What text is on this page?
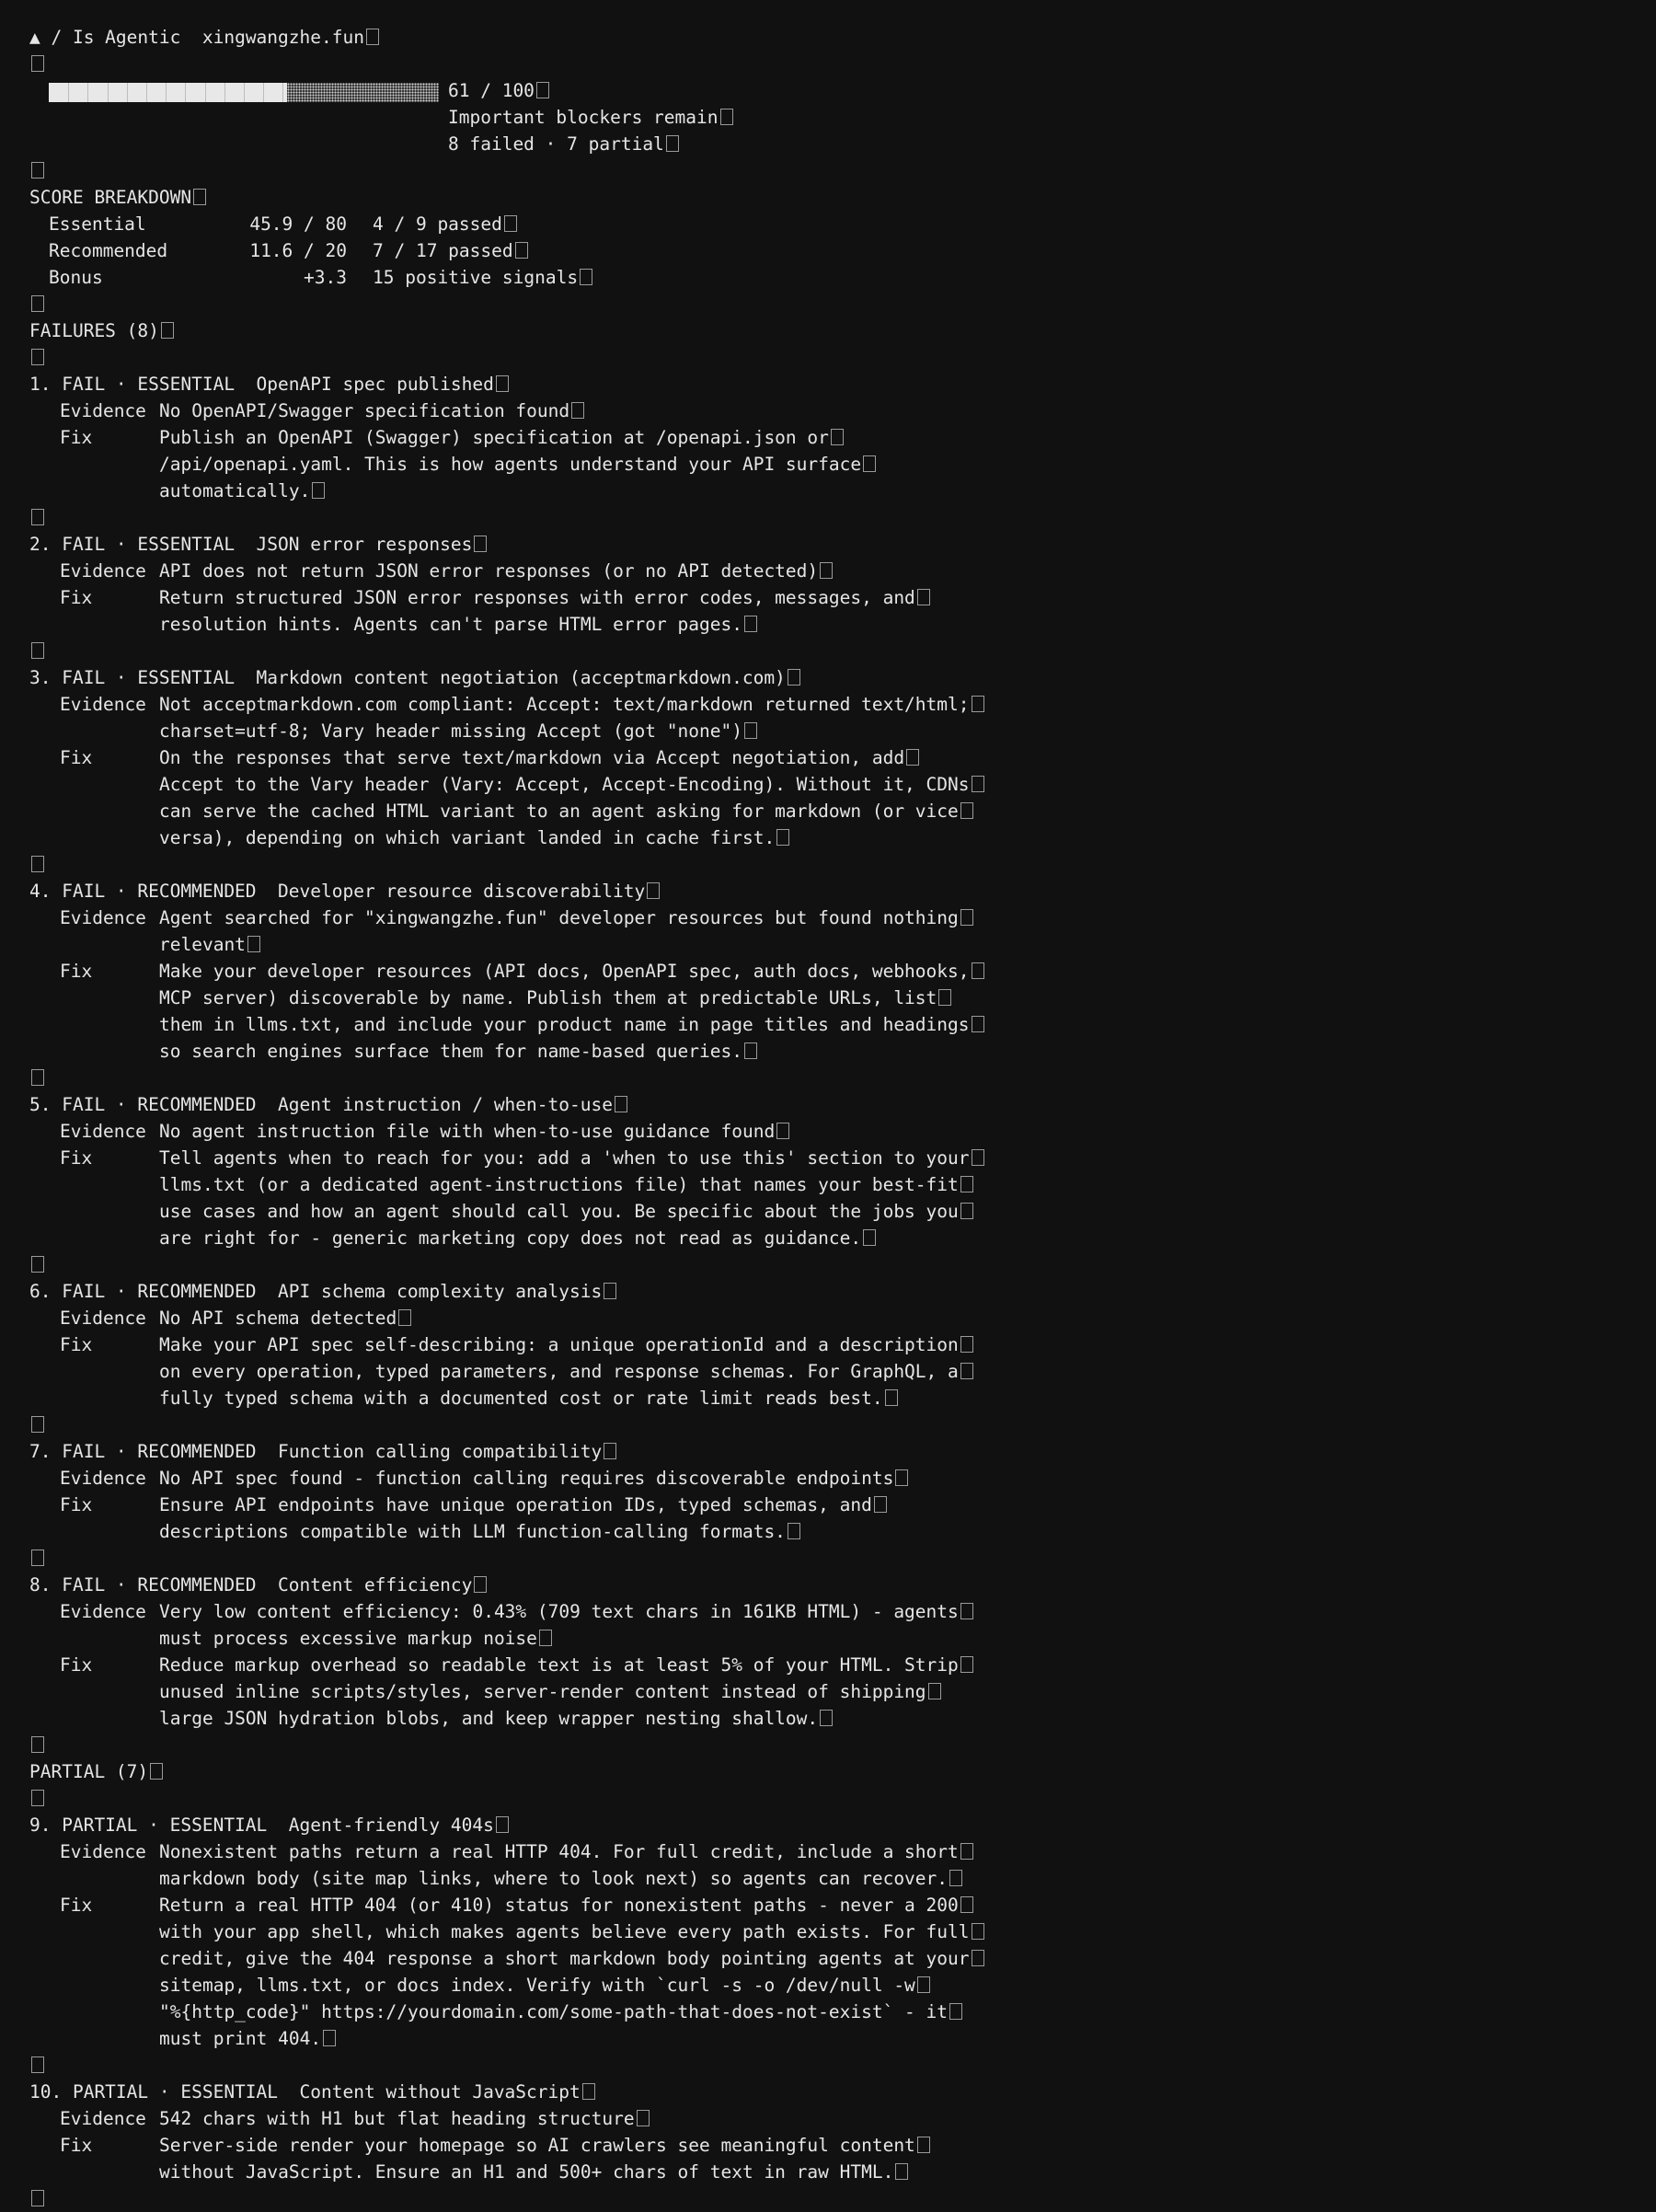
▲ / Is Agentic xingwangzhe.fun

61 / 100

Important blockers remain
8 failed · 7 partial
SCORE BREAKDOWN
Essential	45.9 / 80 4 / 9 passed
Recommended	11.6 / 20 7 / 17 passed
Bonus	+3.3 15 positive signals
FAILURES (8)
1. FAIL · ESSENTIAL  OpenAPI spec published
Evidence No OpenAPI/Swagger specification found
Fix	Publish an OpenAPI (Swagger) specification at /openapi.json or
/api/openapi.yaml. This is how agents understand your API surface
automatically.
2. FAIL · ESSENTIAL  JSON error responses
Evidence API does not return JSON error responses (or no API detected)
Fix	Return structured JSON error responses with error codes, messages, and
resolution hints. Agents can't parse HTML error pages.
3. FAIL · ESSENTIAL  Markdown content negotiation (acceptmarkdown.com)
Evidence Not acceptmarkdown.com compliant: Accept: text/markdown returned text/html;
charset=utf-8; Vary header missing Accept (got "none")
Fix	On the responses that serve text/markdown via Accept negotiation, add
Accept to the Vary header (Vary: Accept, Accept-Encoding). Without it, CDNs
can serve the cached HTML variant to an agent asking for markdown (or vice
versa), depending on which variant landed in cache first.
4. FAIL · RECOMMENDED  Developer resource discoverability
Evidence Agent searched for "xingwangzhe.fun" developer resources but found nothing
relevant
Fix	Make your developer resources (API docs, OpenAPI spec, auth docs, webhooks,
MCP server) discoverable by name. Publish them at predictable URLs, list
them in llms.txt, and include your product name in page titles and headings
so search engines surface them for name-based queries.
5. FAIL · RECOMMENDED  Agent instruction / when-to-use
Evidence No agent instruction file with when-to-use guidance found
Fix	Tell agents when to reach for you: add a 'when to use this' section to your
llms.txt (or a dedicated agent-instructions file) that names your best-fit
use cases and how an agent should call you. Be specific about the jobs you
are right for - generic marketing copy does not read as guidance.
6. FAIL · RECOMMENDED  API schema complexity analysis
Evidence No API schema detected
Fix	Make your API spec self-describing: a unique operationId and a description
on every operation, typed parameters, and response schemas. For GraphQL, a
fully typed schema with a documented cost or rate limit reads best.
7. FAIL · RECOMMENDED  Function calling compatibility
Evidence No API spec found - function calling requires discoverable endpoints
Fix	Ensure API endpoints have unique operation IDs, typed schemas, and
descriptions compatible with LLM function-calling formats.
8. FAIL · RECOMMENDED  Content efficiency
Evidence Very low content efficiency: 0.43% (709 text chars in 161KB HTML) - agents
must process excessive markup noise
Fix	Reduce markup overhead so readable text is at least 5% of your HTML. Strip
unused inline scripts/styles, server-render content instead of shipping
large JSON hydration blobs, and keep wrapper nesting shallow.
PARTIAL (7)
9. PARTIAL · ESSENTIAL  Agent-friendly 404s
Evidence Nonexistent paths return a real HTTP 404. For full credit, include a short
markdown body (site map links, where to look next) so agents can recover.
Fix	Return a real HTTP 404 (or 410) status for nonexistent paths - never a 200
with your app shell, which makes agents believe every path exists. For full
credit, give the 404 response a short markdown body pointing agents at your
sitemap, llms.txt, or docs index. Verify with `curl -s -o /dev/null -w
"%{http_code}" https://yourdomain.com/some-path-that-does-not-exist` - it
must print 404.
10. PARTIAL · ESSENTIAL  Content without JavaScript
Evidence 542 chars with H1 but flat heading structure
Fix	Server-side render your homepage so AI crawlers see meaningful content
without JavaScript. Ensure an H1 and 500+ chars of text in raw HTML.
